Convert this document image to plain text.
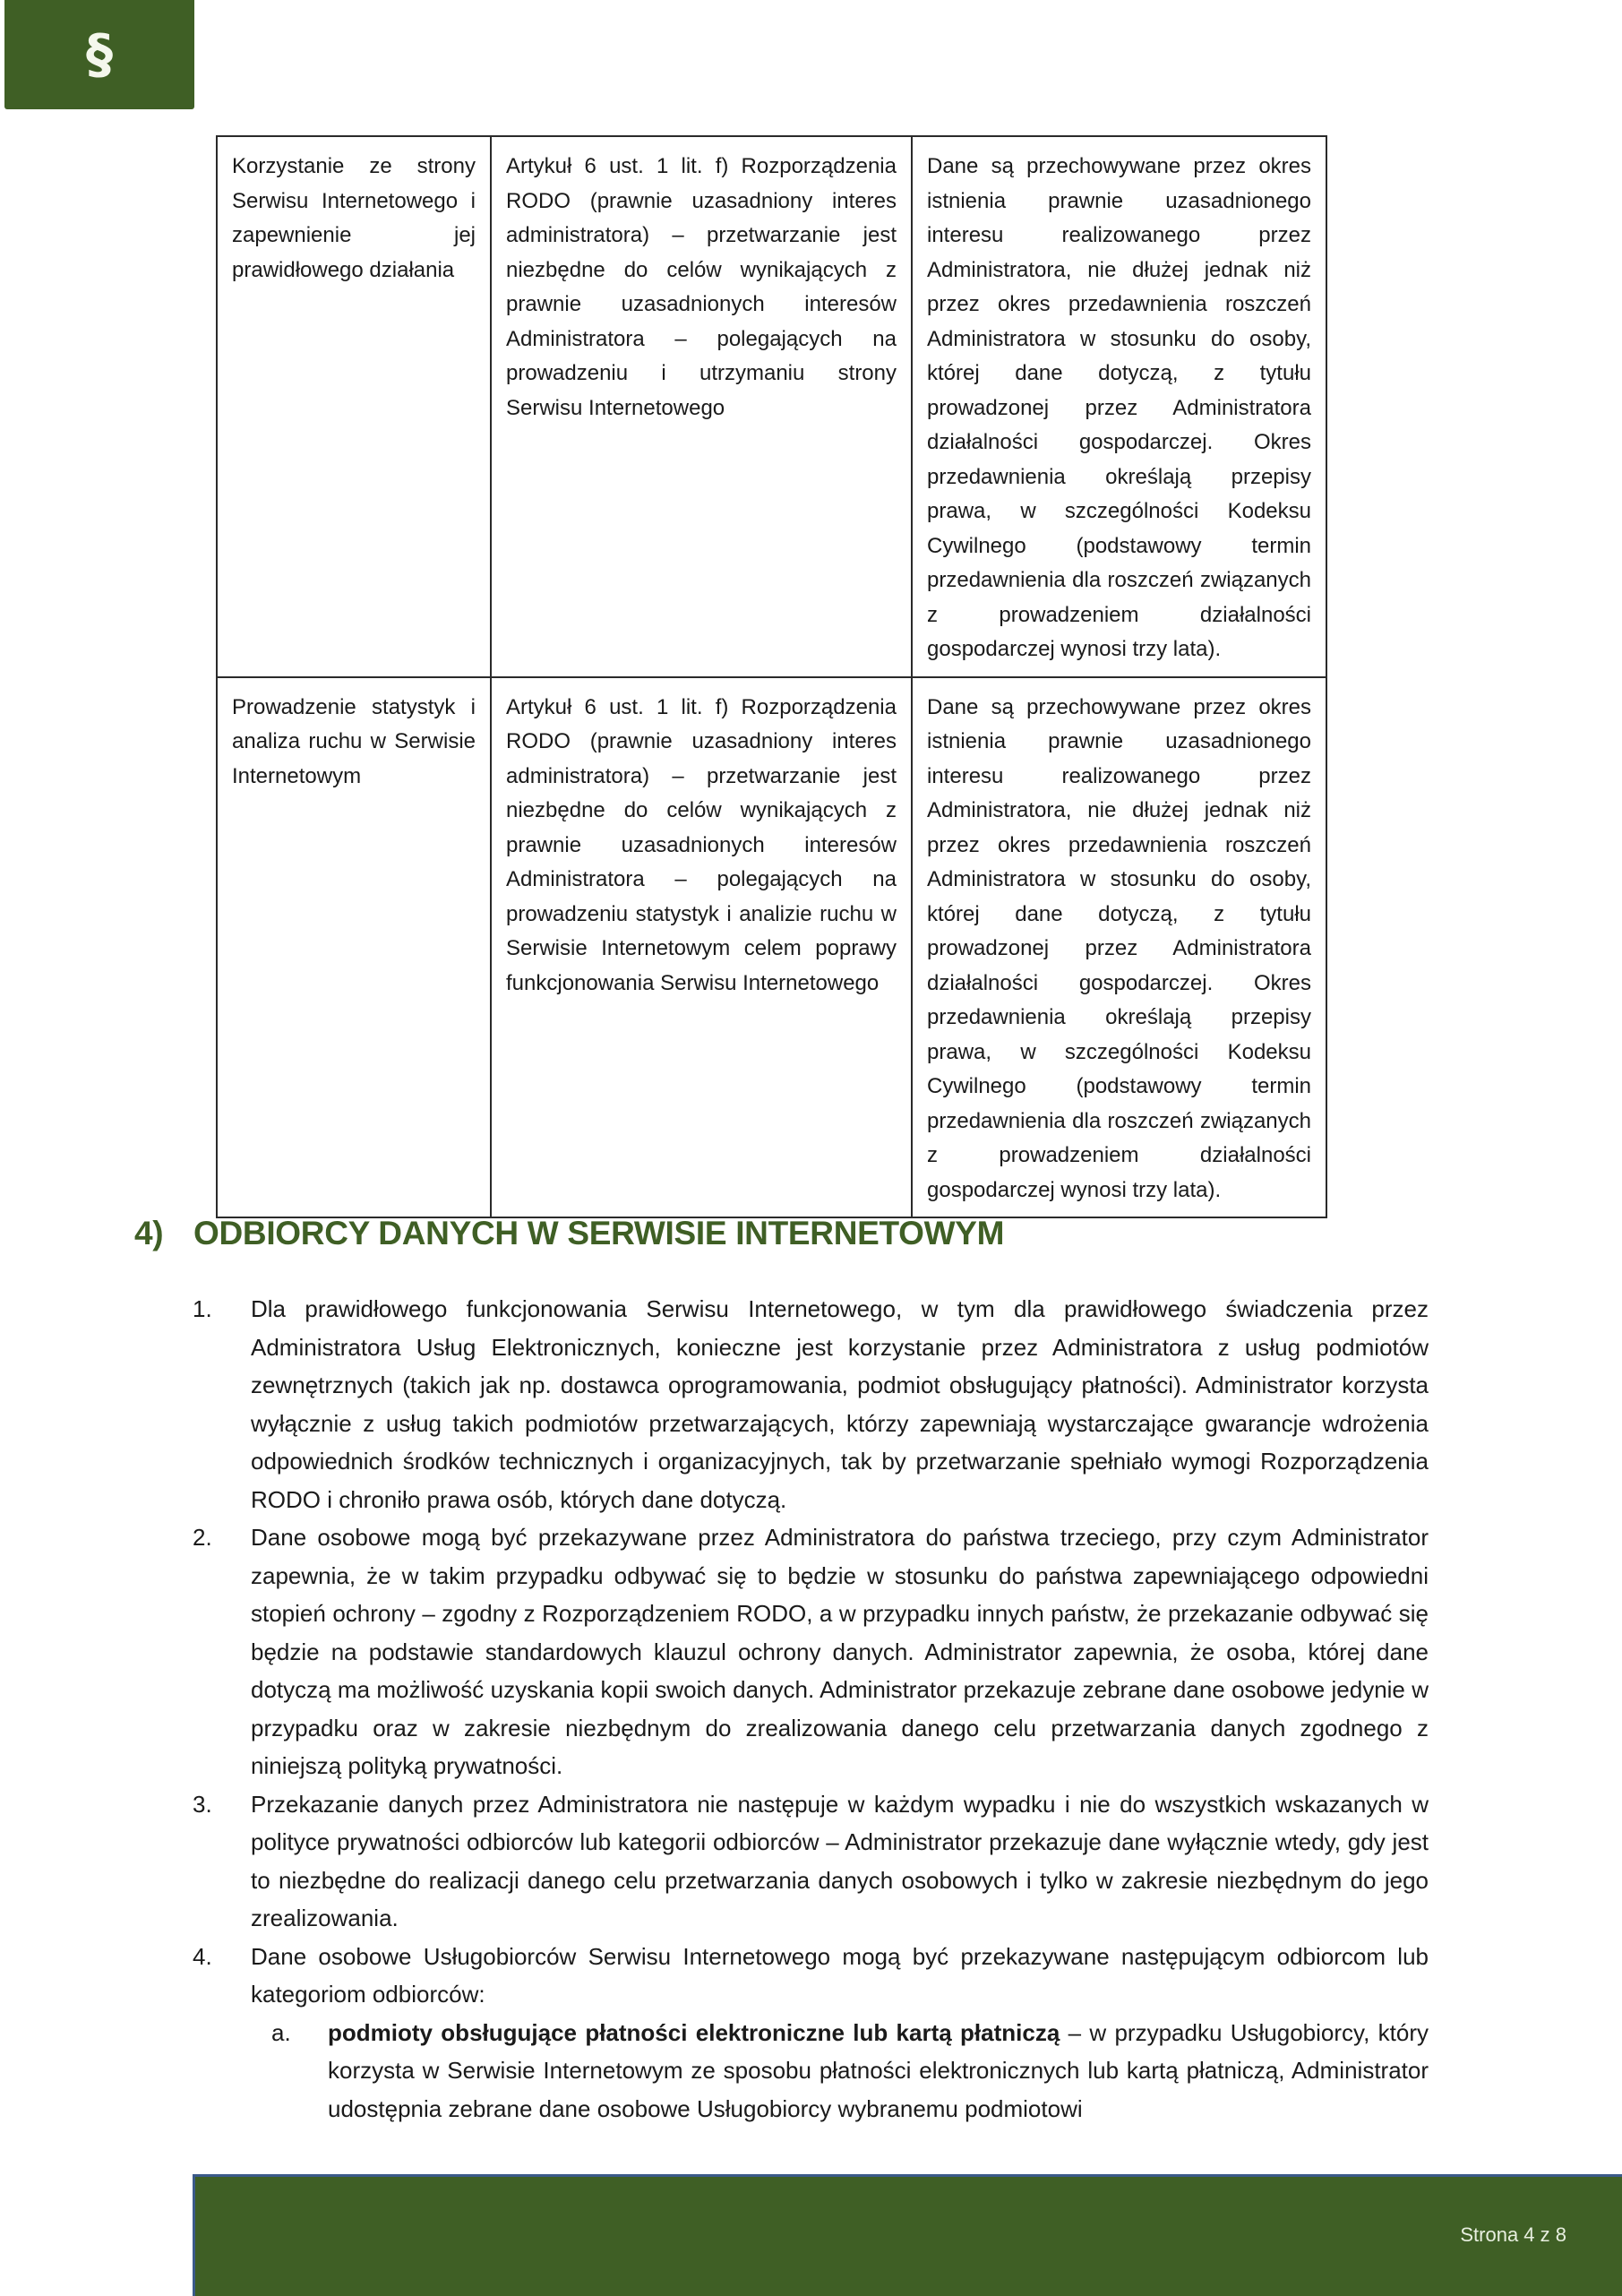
§
Korzystanie ze strony Serwisu Internetowego i zapewnienie jej prawidłowego działania	Artykuł 6 ust. 1 lit. f) Rozporządzenia RODO (prawnie uzasadniony interes administratora) – przetwarzanie jest niezbędne do celów wynikających z prawnie uzasadnionych interesów Administratora – polegających na prowadzeniu i utrzymaniu strony Serwisu Internetowego	Dane są przechowywane przez okres istnienia prawnie uzasadnionego interesu realizowanego przez Administratora, nie dłużej jednak niż przez okres przedawnienia roszczeń Administratora w stosunku do osoby, której dane dotyczą, z tytułu prowadzonej przez Administratora działalności gospodarczej. Okres przedawnienia określają przepisy prawa, w szczególności Kodeksu Cywilnego (podstawowy termin przedawnienia dla roszczeń związanych z prowadzeniem działalności gospodarczej wynosi trzy lata).
Prowadzenie statystyk i analiza ruchu w Serwisie Internetowym	Artykuł 6 ust. 1 lit. f) Rozporządzenia RODO (prawnie uzasadniony interes administratora) – przetwarzanie jest niezbędne do celów wynikających z prawnie uzasadnionych interesów Administratora – polegających na prowadzeniu statystyk i analizie ruchu w Serwisie Internetowym celem poprawy funkcjonowania Serwisu Internetowego	Dane są przechowywane przez okres istnienia prawnie uzasadnionego interesu realizowanego przez Administratora, nie dłużej jednak niż przez okres przedawnienia roszczeń Administratora w stosunku do osoby, której dane dotyczą, z tytułu prowadzonej przez Administratora działalności gospodarczej. Okres przedawnienia określają przepisy prawa, w szczególności Kodeksu Cywilnego (podstawowy termin przedawnienia dla roszczeń związanych z prowadzeniem działalności gospodarczej wynosi trzy lata).
4) ODBIORCY DANYCH W SERWISIE INTERNETOWYM
1. Dla prawidłowego funkcjonowania Serwisu Internetowego, w tym dla prawidłowego świadczenia przez Administratora Usług Elektronicznych, konieczne jest korzystanie przez Administratora z usług podmiotów zewnętrznych (takich jak np. dostawca oprogramowania, podmiot obsługujący płatności). Administrator korzysta wyłącznie z usług takich podmiotów przetwarzających, którzy zapewniają wystarczające gwarancje wdrożenia odpowiednich środków technicznych i organizacyjnych, tak by przetwarzanie spełniało wymogi Rozporządzenia RODO i chroniło prawa osób, których dane dotyczą.
2. Dane osobowe mogą być przekazywane przez Administratora do państwa trzeciego, przy czym Administrator zapewnia, że w takim przypadku odbywać się to będzie w stosunku do państwa zapewniającego odpowiedni stopień ochrony – zgodny z Rozporządzeniem RODO, a w przypadku innych państw, że przekazanie odbywać się będzie na podstawie standardowych klauzul ochrony danych. Administrator zapewnia, że osoba, której dane dotyczą ma możliwość uzyskania kopii swoich danych. Administrator przekazuje zebrane dane osobowe jedynie w przypadku oraz w zakresie niezbędnym do zrealizowania danego celu przetwarzania danych zgodnego z niniejszą polityką prywatności.
3. Przekazanie danych przez Administratora nie następuje w każdym wypadku i nie do wszystkich wskazanych w polityce prywatności odbiorców lub kategorii odbiorców – Administrator przekazuje dane wyłącznie wtedy, gdy jest to niezbędne do realizacji danego celu przetwarzania danych osobowych i tylko w zakresie niezbędnym do jego zrealizowania.
4. Dane osobowe Usługobiorców Serwisu Internetowego mogą być przekazywane następującym odbiorcom lub kategoriom odbiorców:
a.	podmioty obsługujące płatności elektroniczne lub kartą płatniczą – w przypadku Usługobiorcy, który korzysta w Serwisie Internetowym ze sposobu płatności elektronicznych lub kartą płatniczą, Administrator udostępnia zebrane dane osobowe Usługobiorcy wybranemu podmiotowi
Strona 4 z 8
